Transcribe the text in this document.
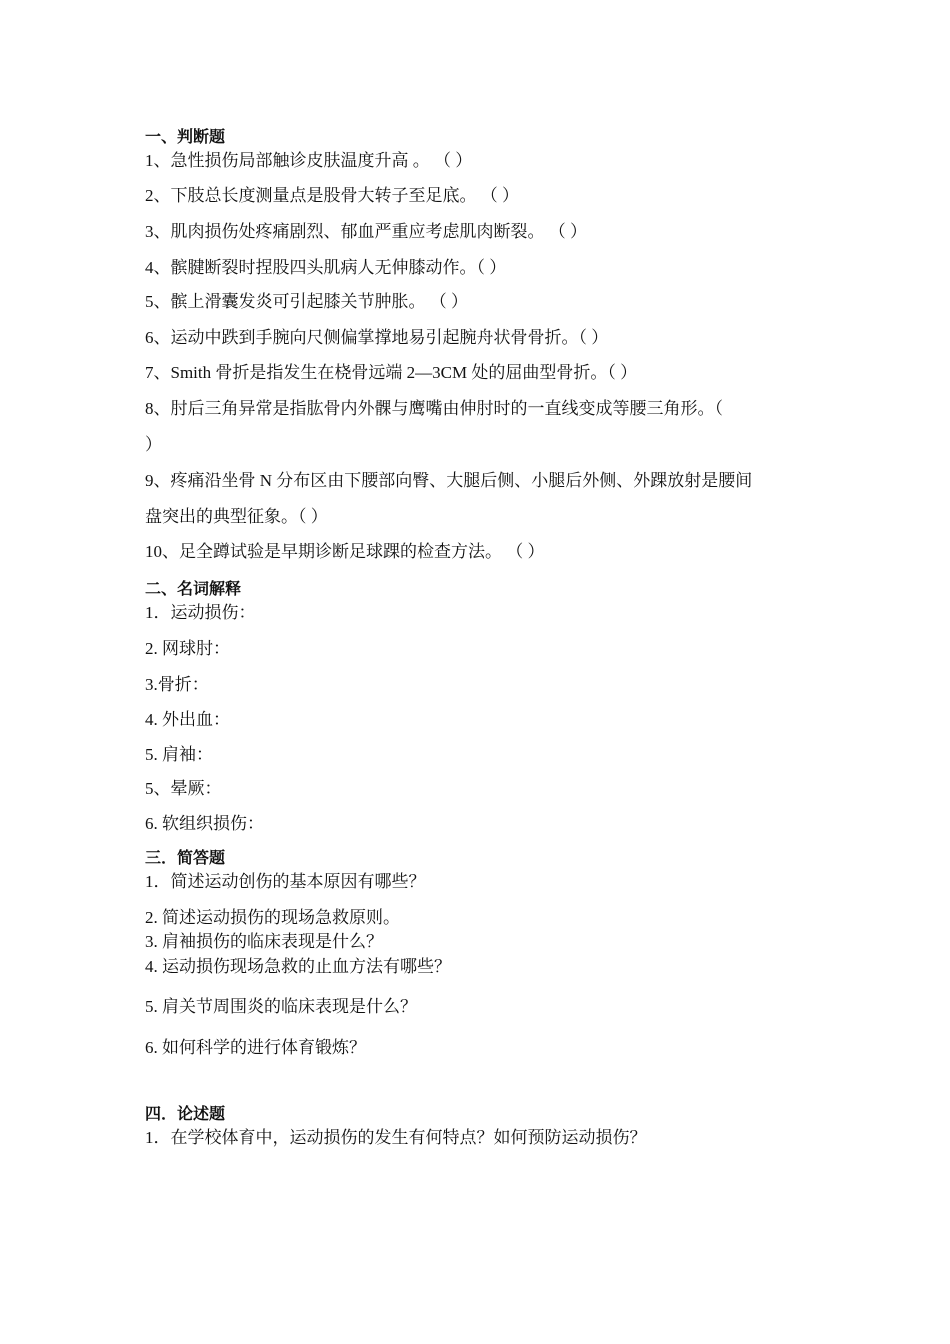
一、判断题
1、急性损伤局部触诊皮肤温度升高 。 （ ）
2、下肢总长度测量点是股骨大转子至足底。 （ ）
3、肌肉损伤处疼痛剧烈、郁血严重应考虑肌肉断裂。 （ ）
4、髌腱断裂时捏股四头肌病人无伸膝动作。（ ）
5、髌上滑囊发炎可引起膝关节肿胀。 （ ）
6、运动中跌到手腕向尺侧偏掌撑地易引起腕舟状骨骨折。（ ）
7、Smith 骨折是指发生在桡骨远端 2—3CM 处的屈曲型骨折。（ ）
8、肘后三角异常是指肱骨内外髁与鹰嘴由伸肘时的一直线变成等腰三角形。（
）
9、疼痛沿坐骨 N 分布区由下腰部向臀、大腿后侧、小腿后外侧、外踝放射是腰间
盘突出的典型征象。（ ）
10、足全蹲试验是早期诊断足球踝的检查方法。 （ ）
二、名词解释
1．运动损伤：
2. 网球肘：
3.骨折：
4. 外出血：
5. 肩袖：
5、晕厥：
6. 软组织损伤：
三．简答题
1．简述运动创伤的基本原因有哪些？
2. 简述运动损伤的现场急救原则。
3. 肩袖损伤的临床表现是什么？
4. 运动损伤现场急救的止血方法有哪些？
5. 肩关节周围炎的临床表现是什么？
6. 如何科学的进行体育锻炼？
四．论述题
1．在学校体育中，运动损伤的发生有何特点？如何预防运动损伤？
